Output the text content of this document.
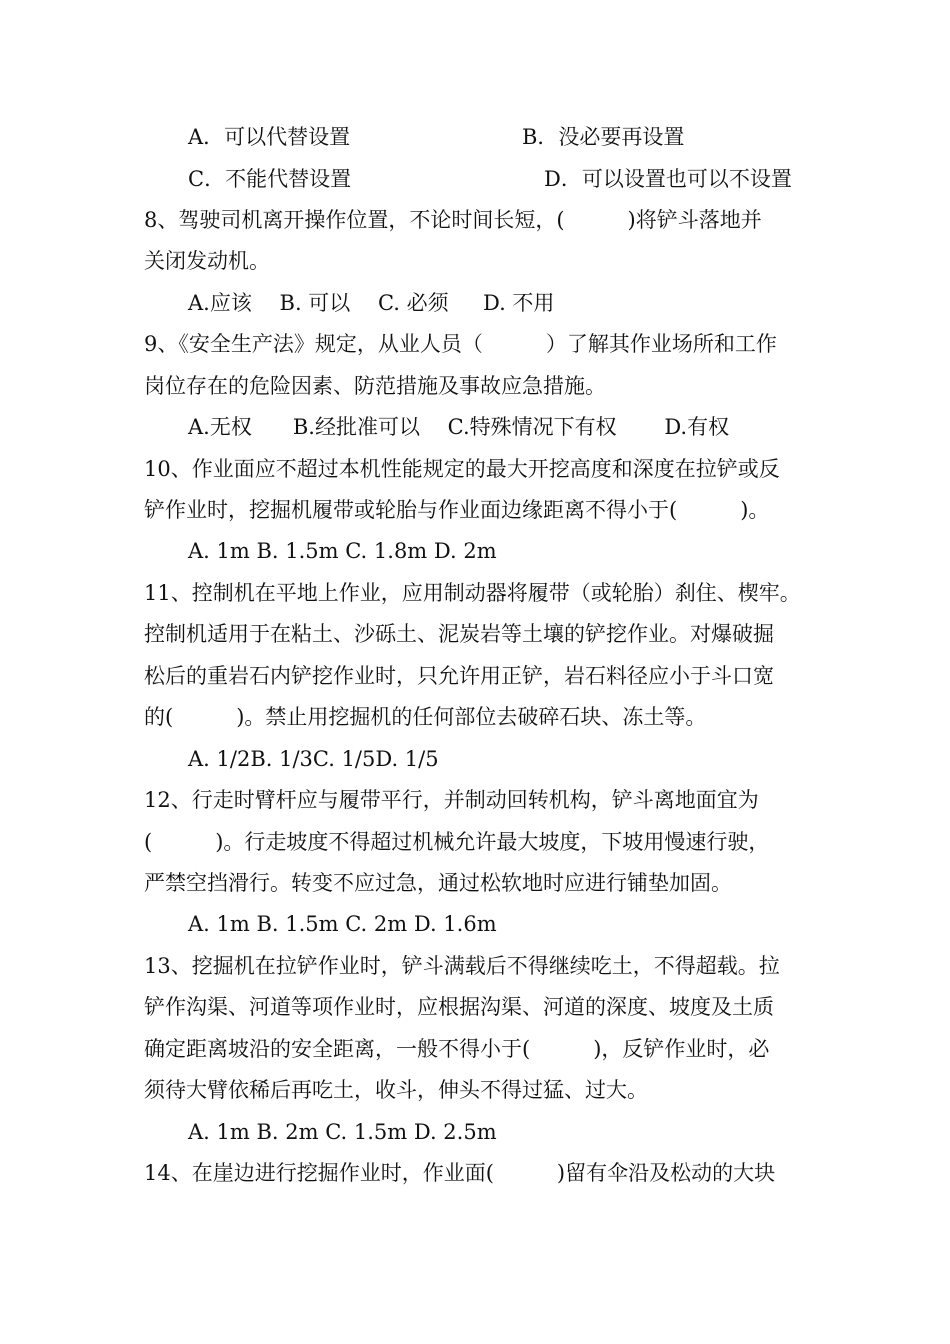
A．可以代替设置	B．没必要再设置
C．不能代替设置	D．可以设置也可以不设置
8、驾驶司机离开操作位置，不论时间长短，(　　　)将铲斗落地并
关闭发动机。
A.应该　 B. 可以　 C. 必须　  D. 不用
9、《安全生产法》规定，从业人员（　　　）了解其作业场所和工作
岗位存在的危险因素、防范措施及事故应急措施。
A.无权　   B.经批准可以　 C.特殊情况下有权　    D.有权
10、作业面应不超过本机性能规定的最大开挖高度和深度在拉铲或反
铲作业时，挖掘机履带或轮胎与作业面边缘距离不得小于(　　　)。
A. 1m B. 1.5m C. 1.8m D. 2m
11、控制机在平地上作业，应用制动器将履带（或轮胎）刹住、楔牢。
控制机适用于在粘土、沙砾土、泥炭岩等土壤的铲挖作业。对爆破掘
松后的重岩石内铲挖作业时，只允许用正铲，岩石料径应小于斗口宽
的(　　　)。禁止用挖掘机的任何部位去破碎石块、冻土等。
A. 1/2B. 1/3C. 1/5D. 1/5
12、行走时臂杆应与履带平行，并制动回转机构，铲斗离地面宜为
(　　　)。行走坡度不得超过机械允许最大坡度，下坡用慢速行驶，
严禁空挡滑行。转变不应过急，通过松软地时应进行铺垫加固。
A. 1m B. 1.5m C. 2m D. 1.6m
13、挖掘机在拉铲作业时，铲斗满载后不得继续吃土，不得超载。拉
铲作沟渠、河道等项作业时，应根据沟渠、河道的深度、坡度及土质
确定距离坡沿的安全距离，一般不得小于(　　　)，反铲作业时，必
须待大臂依稀后再吃土，收斗，伸头不得过猛、过大。
A. 1m B. 2m C. 1.5m D. 2.5m
14、在崖边进行挖掘作业时，作业面(　　　)留有伞沿及松动的大块
